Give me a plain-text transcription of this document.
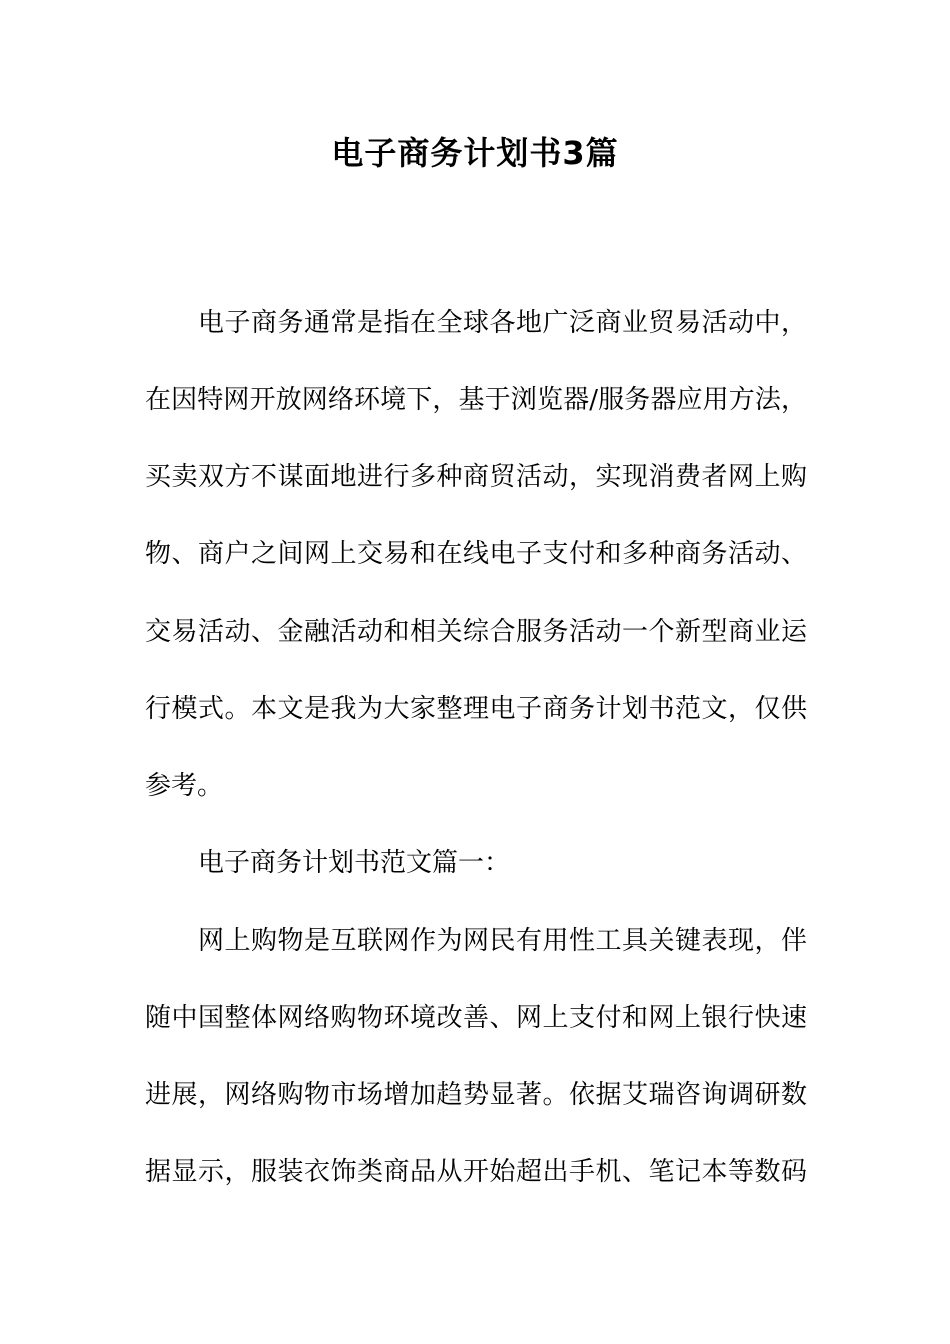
电子商务计划书3篇

电子商务通常是指在全球各地广泛商业贸易活动中，

在因特网开放网络环境下，基于浏览器/服务器应用方法，

买卖双方不谋面地进行多种商贸活动，实现消费者网上购

物、商户之间网上交易和在线电子支付和多种商务活动、

交易活动、金融活动和相关综合服务活动一个新型商业运

行模式。本文是我为大家整理电子商务计划书范文，仅供

参考。

电子商务计划书范文篇一：

网上购物是互联网作为网民有用性工具关键表现，伴

随中国整体网络购物环境改善、网上支付和网上银行快速

进展，网络购物市场增加趋势显著。依据艾瑞咨询调研数

据显示，服装衣饰类商品从开始超出手机、笔记本等数码
